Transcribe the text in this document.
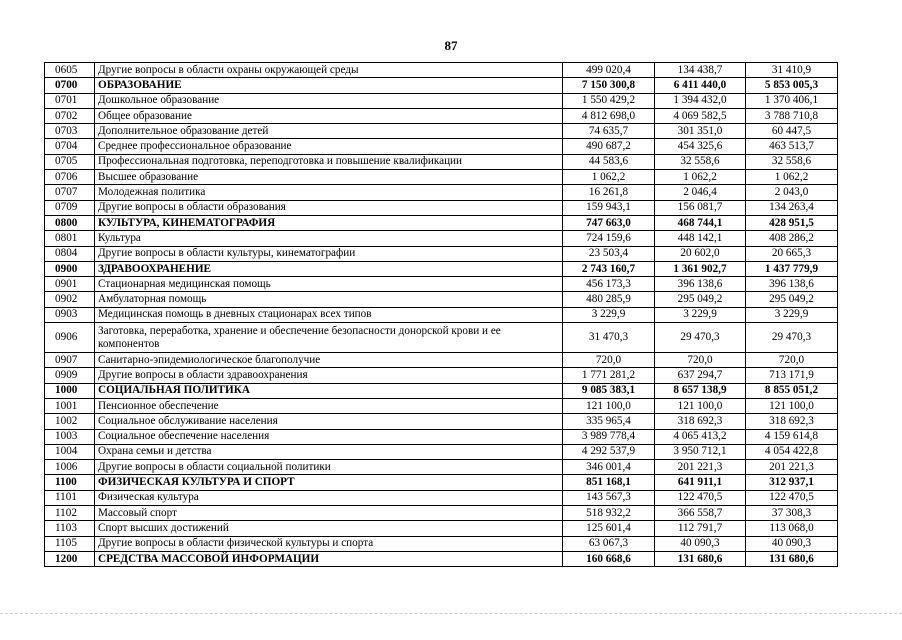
87
0605	Другие вопросы в области охраны окружающей среды	499 020,4	134 438,7	31 410,9
0700	ОБРАЗОВАНИЕ	7 150 300,8	6 411 440,0	5 853 005,3
0701	Дошкольное образование	1 550 429,2	1 394 432,0	1 370 406,1
0702	Общее образование	4 812 698,0	4 069 582,5	3 788 710,8
0703	Дополнительное образование детей	74 635,7	301 351,0	60 447,5
0704	Среднее профессиональное образование	490 687,2	454 325,6	463 513,7
0705	Профессиональная подготовка, переподготовка и повышение квалификации	44 583,6	32 558,6	32 558,6
0706	Высшее образование	1 062,2	1 062,2	1 062,2
0707	Молодежная политика	16 261,8	2 046,4	2 043,0
0709	Другие вопросы в области образования	159 943,1	156 081,7	134 263,4
0800	КУЛЬТУРА, КИНЕМАТОГРАФИЯ	747 663,0	468 744,1	428 951,5
0801	Культура	724 159,6	448 142,1	408 286,2
0804	Другие вопросы в области культуры, кинематографии	23 503,4	20 602,0	20 665,3
0900	ЗДРАВООХРАНЕНИЕ	2 743 160,7	1 361 902,7	1 437 779,9
0901	Стационарная медицинская помощь	456 173,3	396 138,6	396 138,6
0902	Амбулаторная помощь	480 285,9	295 049,2	295 049,2
0903	Медицинская помощь в дневных стационарах всех типов	3 229,9	3 229,9	3 229,9
0906	Заготовка, переработка, хранение и обеспечение безопасности донорской крови и ее компонентов	31 470,3	29 470,3	29 470,3
0907	Санитарно-эпидемиологическое благополучие	720,0	720,0	720,0
0909	Другие вопросы в области здравоохранения	1 771 281,2	637 294,7	713 171,9
1000	СОЦИАЛЬНАЯ ПОЛИТИКА	9 085 383,1	8 657 138,9	8 855 051,2
1001	Пенсионное обеспечение	121 100,0	121 100,0	121 100,0
1002	Социальное обслуживание населения	335 965,4	318 692,3	318 692,3
1003	Социальное обеспечение населения	3 989 778,4	4 065 413,2	4 159 614,8
1004	Охрана семьи и детства	4 292 537,9	3 950 712,1	4 054 422,8
1006	Другие вопросы в области социальной политики	346 001,4	201 221,3	201 221,3
1100	ФИЗИЧЕСКАЯ КУЛЬТУРА И СПОРТ	851 168,1	641 911,1	312 937,1
1101	Физическая культура	143 567,3	122 470,5	122 470,5
1102	Массовый спорт	518 932,2	366 558,7	37 308,3
1103	Спорт высших достижений	125 601,4	112 791,7	113 068,0
1105	Другие вопросы в области физической культуры и спорта	63 067,3	40 090,3	40 090,3
1200	СРЕДСТВА МАССОВОЙ ИНФОРМАЦИИ	160 668,6	131 680,6	131 680,6
